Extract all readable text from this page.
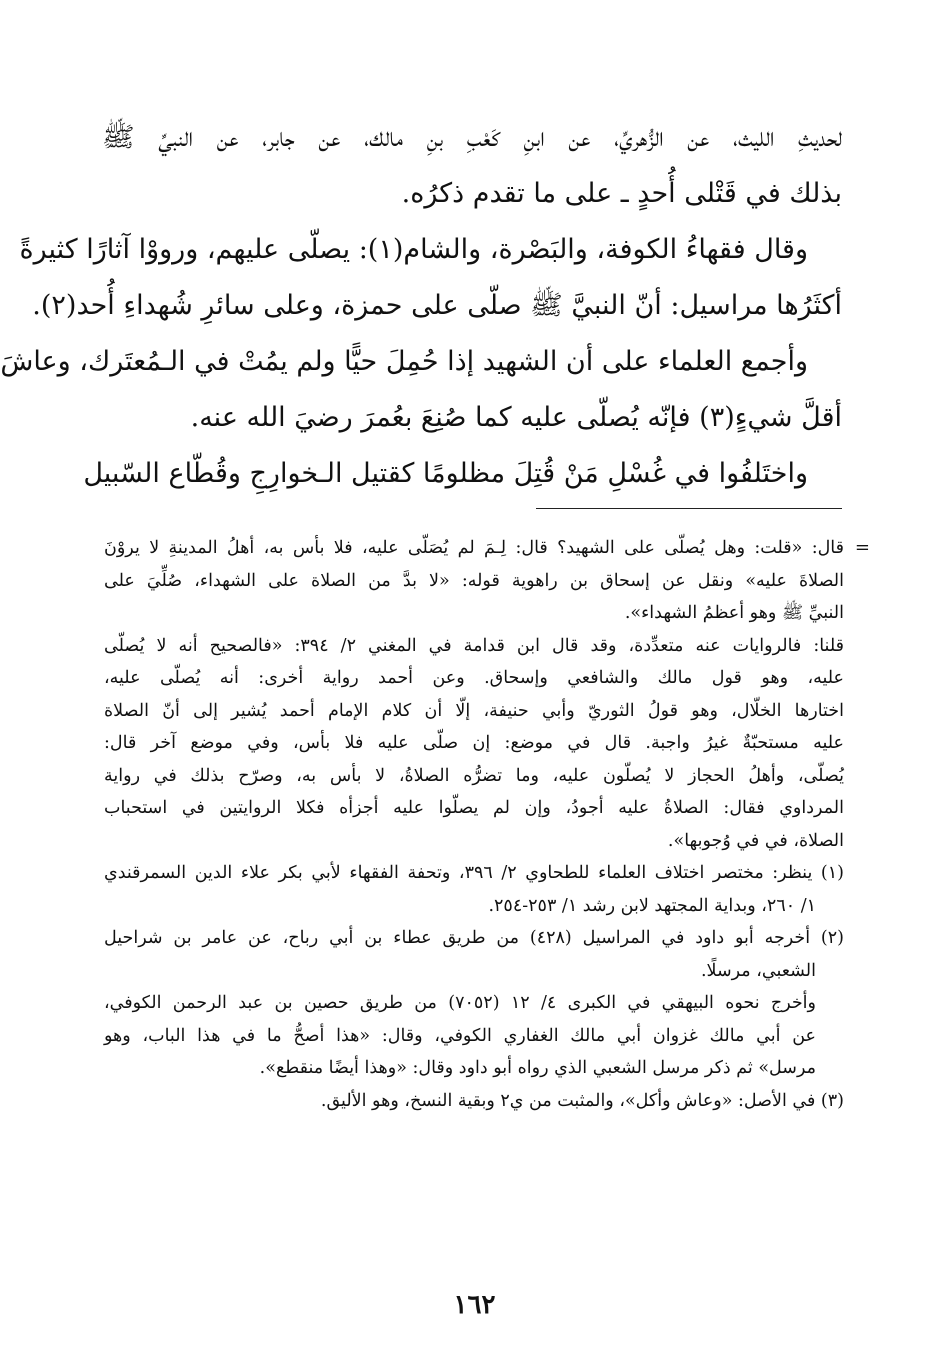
لحديثِ الليث، عن الزُّهريِّ، عن ابنِ كَعْبِ بنِ مالك، عن جابر، عن النبيِّ ﷺ
بذلك في قَتْلى أُحدٍ ـ على ما تقدم ذكرُه.
وقال فقهاءُ الكوفة، والبَصْرة، والشام(١): يصلّى عليهم، ورووْا آثارًا كثيرةً
أكثَرُها مراسيل: أنّ النبيَّ ﷺ صلّى على حمزة، وعلى سائرِ شُهداءِ أُحد(٢).
وأجمع العلماء على أن الشهيد إذا حُمِلَ حيًّا ولم يمُتْ في الـمُعتَرك، وعاشَ
أقلَّ شيءٍ(٣) فإنّه يُصلّى عليه كما صُنِعَ بعُمرَ رضيَ الله عنه.
واختَلفُوا في غُسْلِ مَنْ قُتِلَ مظلومًا كقتيل الـخوارِجِ وقُطّاع السّبيل
=
قال: «قلت: وهل يُصلّى على الشهيد؟ قال: لِـمَ لم يُصَلّى عليه، فلا بأس به، أهلُ المدينةِ لا يروْنَ
الصلاةَ عليه» ونقل عن إسحاق بن راهوية قوله: «لا بدَّ من الصلاة على الشهداء، صُلِّيَ على
النبيِّ ﷺ وهو أعظمُ الشهداء».
قلنا: فالروايات عنه متعدِّدة، وقد قال ابن قدامة في المغني ٢/ ٣٩٤: «فالصحيح أنه لا يُصلّى
عليه، وهو قول مالك والشافعي وإسحاق. وعن أحمد رواية أخرى: أنه يُصلّى عليه،
اختارها الخلّال، وهو قولُ الثوريّ وأبي حنيفة، إلّا أن كلام الإمام أحمد يُشير إلى أنّ الصلاة
عليه مستحبّةٌ غيرُ واجبة. قال في موضع: إن صلّى عليه فلا بأس، وفي موضع آخر قال:
يُصلّى، وأهلُ الحجاز لا يُصلّون عليه، وما تضرُّه الصلاةُ، لا بأس به، وصرّح بذلك في رواية
المرداوي فقال: الصلاةُ عليه أجودُ، وإن لم يصلّوا عليه أجزأه فكلا الروايتين في استحباب
الصلاة، في في وُجوبها».
(١) ينظر: مختصر اختلاف العلماء للطحاوي ٢/ ٣٩٦، وتحفة الفقهاء لأبي بكر علاء الدين السمرقندي
١/ ٢٦٠، وبداية المجتهد لابن رشد ١/ ٢٥٣-٢٥٤.
(٢) أخرجه أبو داود في المراسيل (٤٢٨) من طريق عطاء بن أبي رباح، عن عامر بن شراحيل
الشعبي، مرسلًا.
وأخرج نحوه البيهقي في الكبرى ٤/ ١٢ (٧٠٥٢) من طريق حصين بن عبد الرحمن الكوفي،
عن أبي مالك غزوان أبي مالك الغفاري الكوفي، وقال: «هذا أصحُّ ما في هذا الباب، وهو
مرسل» ثم ذكر مرسل الشعبي الذي رواه أبو داود وقال: «وهذا أيضًا منقطع».
(٣) في الأصل: «وعاش وأكل»، والمثبت من ي٢ وبقية النسخ، وهو الأليق.
١٦٢
